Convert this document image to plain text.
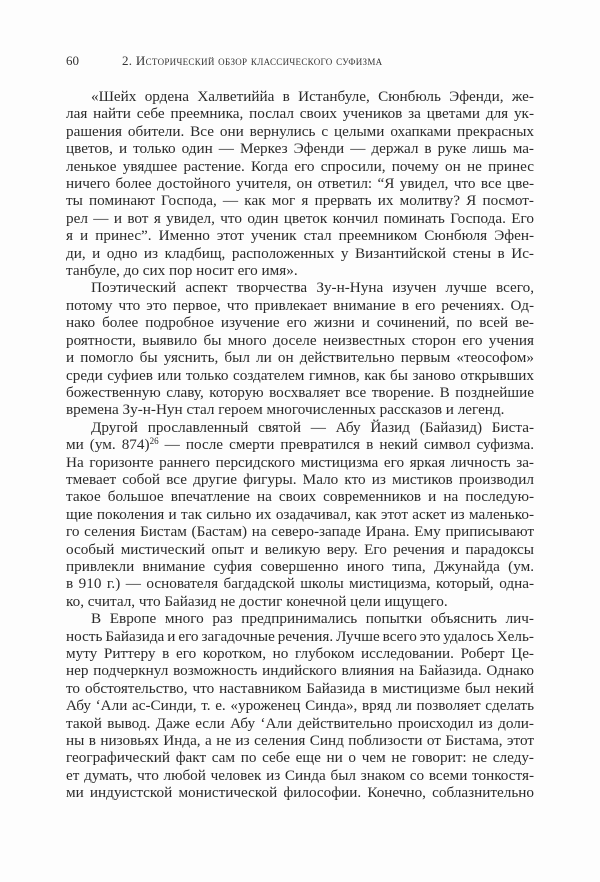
60	2. Исторический обзор классического суфизма
«Шейх ордена Халветиййа в Истанбуле, Сюнбюль Эфенди, же-
лая найти себе преемника, послал своих учеников за цветами для ук-
рашения обители. Все они вернулись с целыми охапками прекрасных
цветов, и только один — Меркез Эфенди — держал в руке лишь ма-
ленькое увядшее растение. Когда его спросили, почему он не принес
ничего более достойного учителя, он ответил: “Я увидел, что все цве-
ты поминают Господа, — как мог я прервать их молитву? Я посмот-
рел — и вот я увидел, что один цветок кончил поминать Господа. Его
я и принес”. Именно этот ученик стал преемником Сюнбюля Эфен-
ди, и одно из кладбищ, расположенных у Византийской стены в Ис-
танбуле, до сих пор носит его имя».
Поэтический аспект творчества Зу-н-Нуна изучен лучше всего,
потому что это первое, что привлекает внимание в его речениях. Од-
нако более подробное изучение его жизни и сочинений, по всей ве-
роятности, выявило бы много доселе неизвестных сторон его учения
и помогло бы уяснить, был ли он действительно первым «теософом»
среди суфиев или только создателем гимнов, как бы заново открывших
божественную славу, которую восхваляет все творение. В позднейшие
времена Зу-н-Нун стал героем многочисленных рассказов и легенд.
Другой прославленный святой — Абу Йазид (Байазид) Биста-
ми (ум. 874)$^{26}$ — после смерти превратился в некий символ суфизма.
На горизонте раннего персидского мистицизма его яркая личность за-
тмевает собой все другие фигуры. Мало кто из мистиков производил
такое большое впечатление на своих современников и на последую-
щие поколения и так сильно их озадачивал, как этот аскет из маленько-
го селения Бистам (Бастам) на северо-западе Ирана. Ему приписывают
особый мистический опыт и великую веру. Его речения и парадоксы
привлекли внимание суфия совершенно иного типа, Джунайда (ум.
в 910 г.) — основателя багдадской школы мистицизма, который, одна-
ко, считал, что Байазид не достиг конечной цели ищущего.
В Европе много раз предпринимались попытки объяснить лич-
ность Байазида и его загадочные речения. Лучше всего это удалось Хель-
муту Риттеру в его коротком, но глубоком исследовании. Роберт Це-
нер подчеркнул возможность индийского влияния на Байазида. Однако
то обстоятельство, что наставником Байазида в мистицизме был некий
Абу ‘Али ас-Синди, т. е. «уроженец Синда», вряд ли позволяет сделать
такой вывод. Даже если Абу ‘Али действительно происходил из доли-
ны в низовьях Инда, а не из селения Синд поблизости от Бистама, этот
географический факт сам по себе еще ни о чем не говорит: не следу-
ет думать, что любой человек из Синда был знаком со всеми тонкостя-
ми индуистской монистической философии. Конечно, соблазнительно
